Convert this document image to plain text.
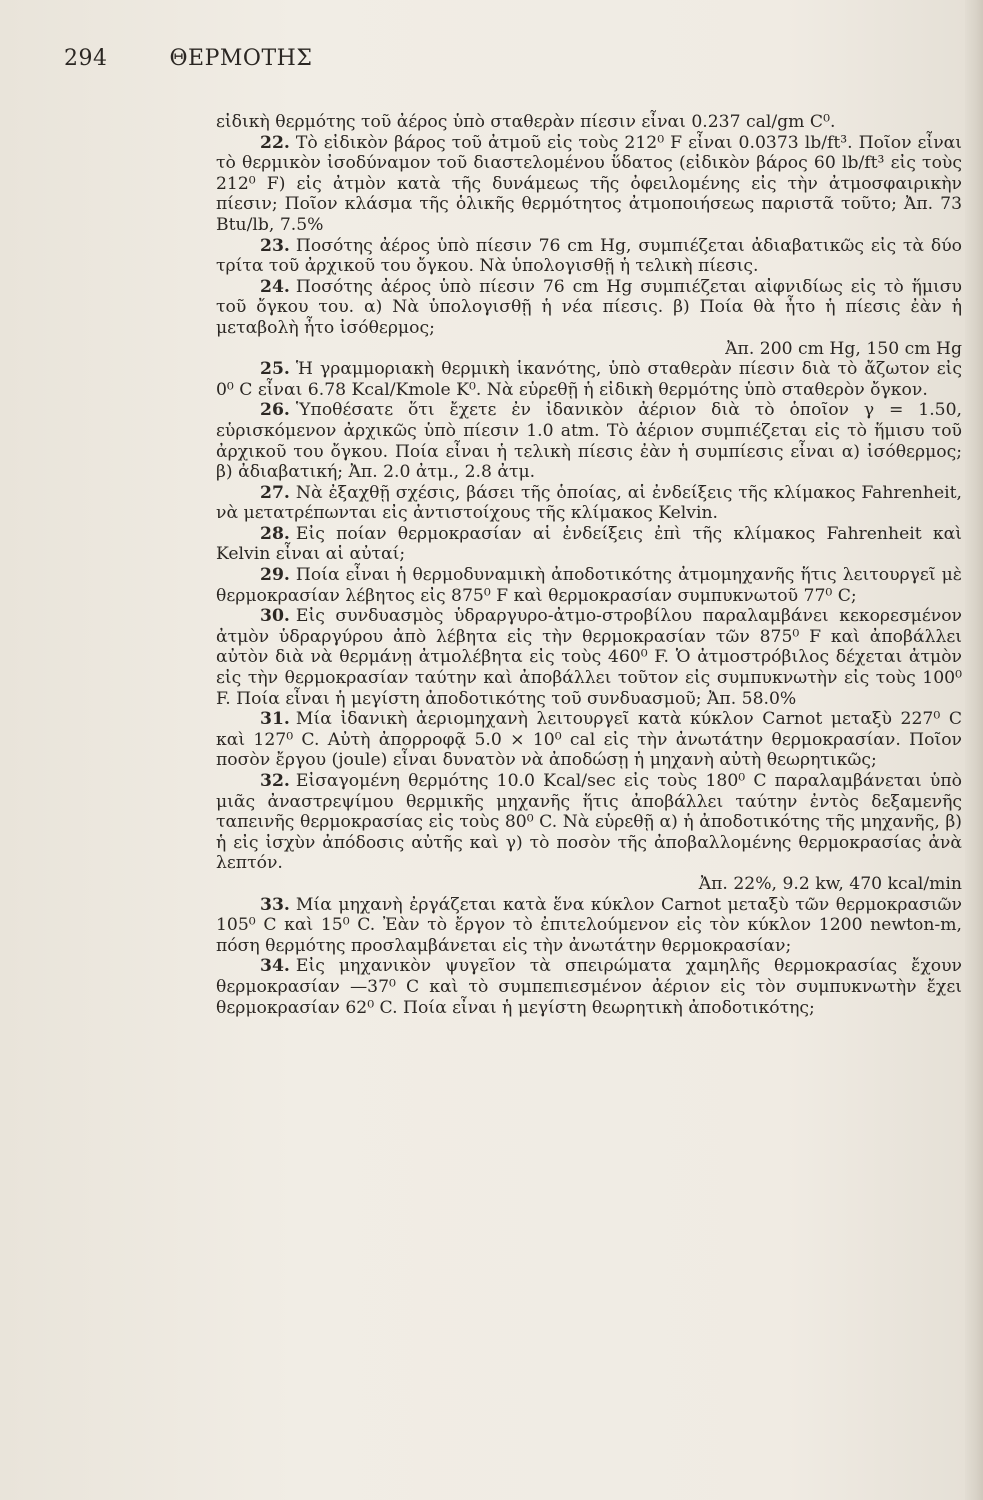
294	ΘΕΡΜΟΤΗΣ

εἰδικὴ θερμότης τοῦ ἀέρος ὑπὸ σταθερὰν πίεσιν εἶναι 0.237 cal/gm C⁰.

22. Τὸ εἰδικὸν βάρος τοῦ ἀτμοῦ εἰς τοὺς 212⁰ F εἶναι 0.0373 lb/ft³. Ποῖον εἶναι τὸ θερμικὸν ἰσοδύναμον τοῦ διαστελομένου ὕδατος (εἰδικὸν βάρος 60 lb/ft³ εἰς τοὺς 212⁰ F) εἰς ἀτμὸν κατὰ τῆς δυνάμεως τῆς ὀφειλομένης εἰς τὴν ἀτμοσφαιρικὴν πίεσιν; Ποῖον κλάσμα τῆς ὁλικῆς θερμότητος ἀτμοποιήσεως παριστᾶ τοῦτο; Ἀπ. 73 Btu/lb, 7.5%

23. Ποσότης ἀέρος ὑπὸ πίεσιν 76 cm Hg, συμπιέζεται ἀδιαβατικῶς εἰς τὰ δύο τρίτα τοῦ ἀρχικοῦ του ὄγκου. Νὰ ὑπολογισθῇ ἡ τελικὴ πίεσις.

24. Ποσότης ἀέρος ὑπὸ πίεσιν 76 cm Hg συμπιέζεται αἰφνιδίως εἰς τὸ ἥμισυ τοῦ ὄγκου του. α) Νὰ ὑπολογισθῇ ἡ νέα πίεσις. β) Ποία θὰ ἦτο ἡ πίεσις ἐὰν ἡ μεταβολὴ ἦτο ἰσόθερμος;

Ἀπ. 200 cm Hg, 150 cm Hg

25. Ἡ γραμμοριακὴ θερμικὴ ἱκανότης, ὑπὸ σταθερὰν πίεσιν διὰ τὸ ἄζωτον εἰς 0⁰ C εἶναι 6.78 Kcal/Kmole K⁰. Νὰ εὑρεθῇ ἡ εἰδικὴ θερμότης ὑπὸ σταθερὸν ὄγκον.

26. Ὑποθέσατε ὅτι ἔχετε ἐν ἰδανικὸν ἀέριον διὰ τὸ ὁποῖον γ = 1.50, εὑρισκόμενον ἀρχικῶς ὑπὸ πίεσιν 1.0 atm. Τὸ ἀέριον συμπιέζεται εἰς τὸ ἥμισυ τοῦ ἀρχικοῦ του ὄγκου. Ποία εἶναι ἡ τελικὴ πίεσις ἐὰν ἡ συμπίεσις εἶναι α) ἰσόθερμος; β) ἀδιαβατική; Ἀπ. 2.0 ἀτμ., 2.8 ἀτμ.

27. Νὰ ἐξαχθῇ σχέσις, βάσει τῆς ὁποίας, αἱ ἐνδείξεις τῆς κλίμακος Fahrenheit, νὰ μετατρέπωνται εἰς ἀντιστοίχους τῆς κλίμακος Kelvin.

28. Εἰς ποίαν θερμοκρασίαν αἱ ἐνδείξεις ἐπὶ τῆς κλίμακος Fahrenheit καὶ Kelvin εἶναι αἱ αὐταί;

29. Ποία εἶναι ἡ θερμοδυναμικὴ ἀποδοτικότης ἀτμομηχανῆς ἥτις λειτουργεῖ μὲ θερμοκρασίαν λέβητος εἰς 875⁰ F καὶ θερμοκρασίαν συμπυκνωτοῦ 77⁰ C;

30. Εἰς συνδυασμὸς ὑδραργυρο-ἀτμο-στροβίλου παραλαμβάνει κεκορεσμένον ἀτμὸν ὑδραργύρου ἀπὸ λέβητα εἰς τὴν θερμοκρασίαν τῶν 875⁰ F καὶ ἀποβάλλει αὐτὸν διὰ νὰ θερμάνῃ ἀτμολέβητα εἰς τοὺς 460⁰ F. Ὁ ἀτμοστρόβιλος δέχεται ἀτμὸν εἰς τὴν θερμοκρασίαν ταύτην καὶ ἀποβάλλει τοῦτον εἰς συμπυκνωτὴν εἰς τοὺς 100⁰ F. Ποία εἶναι ἡ μεγίστη ἀποδοτικότης τοῦ συνδυασμοῦ; Ἀπ. 58.0%

31. Μία ἰδανικὴ ἀεριομηχανὴ λειτουργεῖ κατὰ κύκλον Carnot μεταξὺ 227⁰ C καὶ 127⁰ C. Αὐτὴ ἀπορροφᾷ 5.0 × 10⁰ cal εἰς τὴν ἀνωτάτην θερμοκρασίαν. Ποῖον ποσὸν ἔργου (joule) εἶναι δυνατὸν νὰ ἀποδώσῃ ἡ μηχανὴ αὐτὴ θεωρητικῶς;

32. Εἰσαγομένη θερμότης 10.0 Kcal/sec εἰς τοὺς 180⁰ C παραλαμβάνεται ὑπὸ μιᾶς ἀναστρεψίμου θερμικῆς μηχανῆς ἥτις ἀποβάλλει ταύτην ἐντὸς δεξαμενῆς ταπεινῆς θερμοκρασίας εἰς τοὺς 80⁰ C. Νὰ εὑρεθῇ α) ἡ ἀποδοτικότης τῆς μηχανῆς, β) ἡ εἰς ἰσχὺν ἀπόδοσις αὐτῆς καὶ γ) τὸ ποσὸν τῆς ἀποβαλλομένης θερμοκρασίας ἀνὰ λεπτόν.

Ἀπ. 22%, 9.2 kw, 470 kcal/min

33. Μία μηχανὴ ἐργάζεται κατὰ ἕνα κύκλον Carnot μεταξὺ τῶν θερμοκρασιῶν 105⁰ C καὶ 15⁰ C. Ἐὰν τὸ ἔργον τὸ ἐπιτελούμενον εἰς τὸν κύκλον 1200 newton-m, πόση θερμότης προσλαμβάνεται εἰς τὴν ἀνωτάτην θερμοκρασίαν;

34. Εἰς μηχανικὸν ψυγεῖον τὰ σπειρώματα χαμηλῆς θερμοκρασίας ἔχουν θερμοκρασίαν —37⁰ C καὶ τὸ συμπεπιεσμένον ἀέριον εἰς τὸν συμπυκνωτὴν ἔχει θερμοκρασίαν 62⁰ C. Ποία εἶναι ἡ μεγίστη θεωρητικὴ ἀποδοτικότης;
